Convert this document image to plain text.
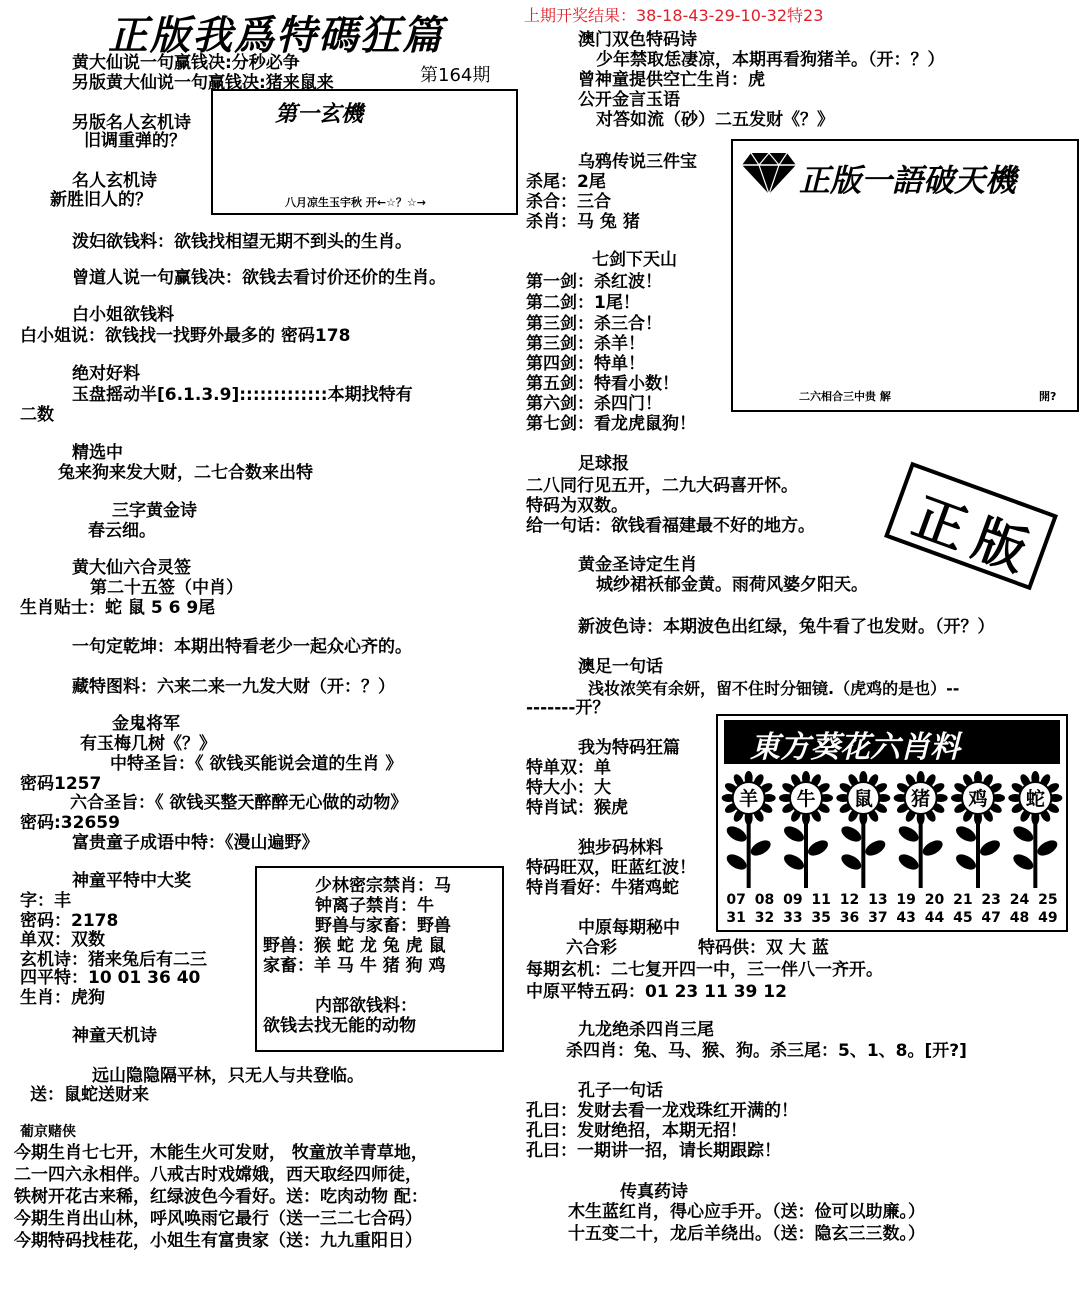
正版我爲特碼狂篇	上期开奖结果：38-18-43-29-10-32特23
第164期
第一玄機
八月凉生玉宇秋 开←☆？☆→
黄大仙说一句赢钱决:分秒必争
另版黄大仙说一句赢钱决:猪来鼠来
另版名人玄机诗
旧调重弹的？
名人玄机诗
新胜旧人的？
泼妇欲钱料：欲钱找相望无期不到头的生肖。
曾道人说一句赢钱决：欲钱去看讨价还价的生肖。
白小姐欲钱料
白小姐说：欲钱找一找野外最多的 密码178
绝对好料
玉盘摇动半[6.1.3.9]:::::::::::::本期找特有
二数
精选中
兔来狗来发大财，二七合数来出特
三字黄金诗
春云细。
黄大仙六合灵签
第二十五签（中肖）
生肖贴士：蛇 鼠 5 6 9尾
一句定乾坤：本期出特看老少一起众心齐的。
藏特图料：六来二来一九发大财（开：？）
金鬼将军
有玉梅几树《？》
中特圣旨：《 欲钱买能说会道的生肖 》
密码1257
六合圣旨：《 欲钱买整天醉醉无心做的动物》
密码:32659
富贵童子成语中特：《漫山遍野》
神童平特中大奖
字：丰
密码：2178
单双：双数
玄机诗：猪来兔后有二三
四平特：10 01 36 40
生肖：虎狗
神童天机诗
远山隐隐隔平林，只无人与共登临。
送：鼠蛇送财来
葡京赌侠
今期生肖七七开，木能生火可发财， 牧童放羊青草地，
二一四六永相伴。八戒古时戏嫦娥，西天取经四师徒，
铁树开花古来稀，红绿波色今看好。送：吃肉动物 配：
今期生肖出山林，呼风唤雨它最行（送一三二七合码）
今期特码找桂花，小姐生有富贵家（送：九九重阳日）
少林密宗禁肖：马
钟离子禁肖：牛
野兽与家畜：野兽
野兽：猴 蛇 龙 兔 虎 鼠
家畜：羊 马 牛 猪 狗 鸡
内部欲钱料：
欲钱去找无能的动物
澳门双色特码诗
少年禁取恁凄凉，本期再看狗猪羊。（开：？）
曾神童提供空亡生肖：虎
公开金言玉语
对答如流（砂）二五发财《？》
乌鸦传说三件宝
杀尾：2尾
杀合：三合
杀肖：马 兔 猪
七剑下天山
第一剑：杀红波！
第二剑：1尾！
第三剑：杀三合！
第三剑：杀羊！
第四剑：特单！
第五剑：特看小数！
第六剑：杀四门！
第七剑：看龙虎鼠狗！
足球报
二八同行见五开，二九大码喜开怀。
特码为双数。
给一句话：欲钱看福建最不好的地方。
黄金圣诗定生肖
城纱裙袄郁金黄。雨荷风婆夕阳天。
新波色诗：本期波色出红绿，兔牛看了也发财。（开？）
澳足一句话
浅妆浓笑有余妍，留不住时分钿镜.（虎鸡的是也）--
-------开？
我为特码狂篇
特单双：单
特大小：大
特肖试：猴虎
独步码林料
特码旺双，旺蓝红波！
特肖看好：牛猪鸡蛇
中原每期秘中
六合彩	特码供：双 大 蓝
每期玄机：二七复开四一中，三一伴八一齐开。
中原平特五码：01 23 11 39 12
九龙绝杀四肖三尾
杀四肖：兔、马、猴、狗。杀三尾：5、1、8。[开?]
孔子一句话
孔曰：发财去看一龙戏珠红开满的！
孔曰：发财绝招，本期无招！
孔曰：一期讲一招，请长期跟踪！
传真药诗
木生蓝红肖，得心应手开。（送：俭可以助廉。）
十五变二十，龙后羊绕出。（送：隐玄三三数。）
正版一語破天機
二六相合三中贵 解	開?
正版
東方葵花六肖料
羊 牛 鼠 猪 鸡 蛇
07 08 09 11 12 13 19 20 21 23 24 25
31 32 33 35 36 37 43 44 45 47 48 49
